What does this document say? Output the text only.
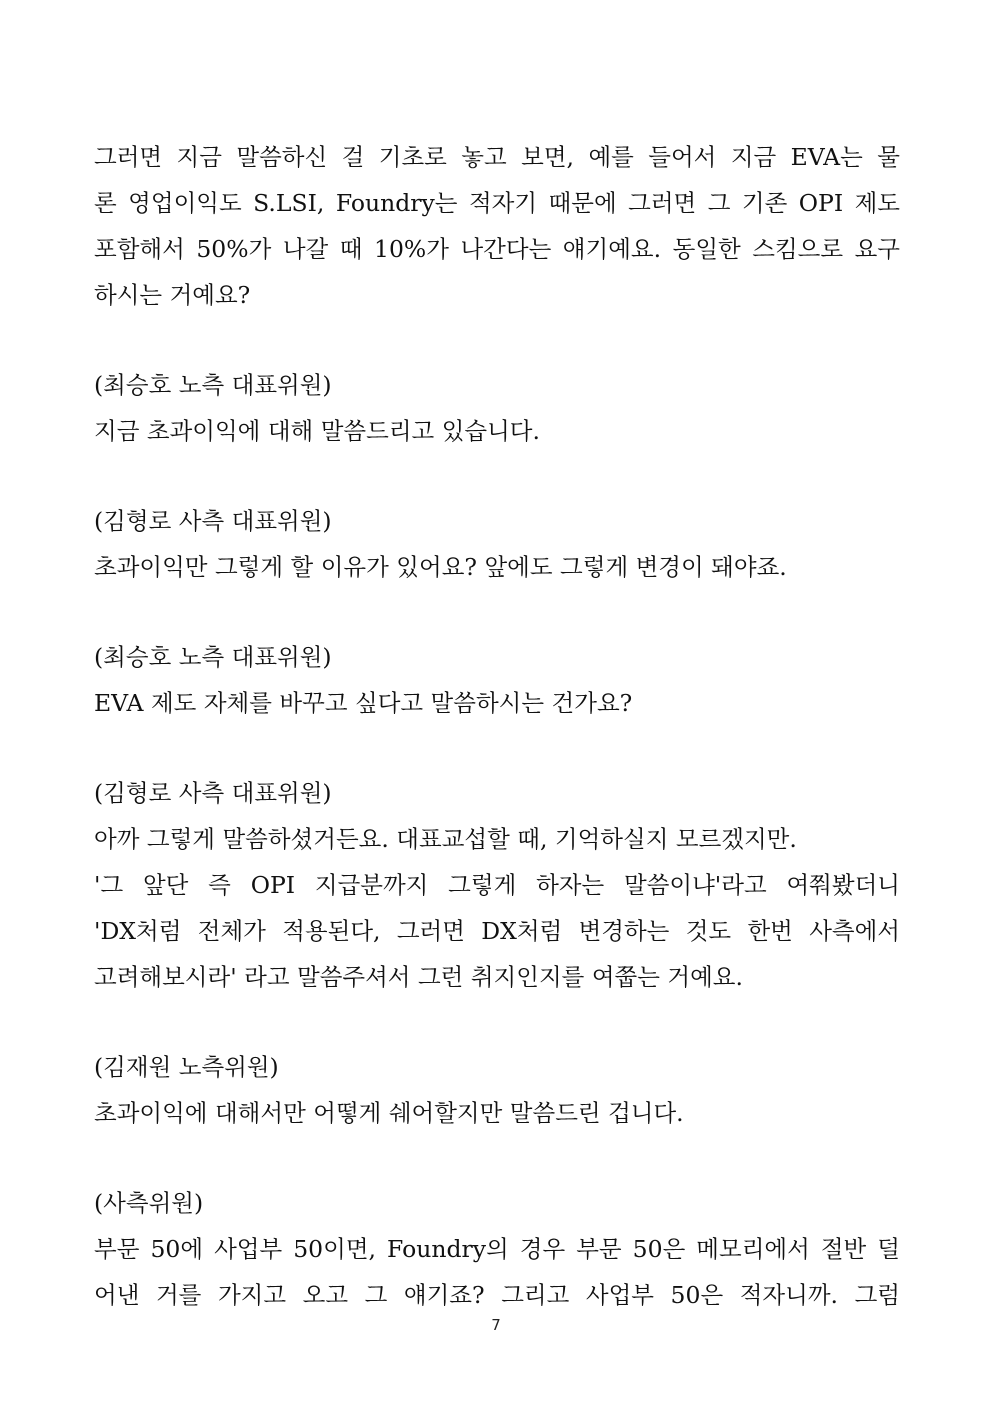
그러면 지금 말씀하신 걸 기초로 놓고 보면, 예를 들어서 지금 EVA는 물
론 영업이익도 S.LSI, Foundry는 적자기 때문에 그러면 그 기존 OPI 제도
포함해서 50%가 나갈 때 10%가 나간다는 얘기예요. 동일한 스킴으로 요구
하시는 거예요?
(최승호 노측 대표위원)
지금 초과이익에 대해 말씀드리고 있습니다.
(김형로 사측 대표위원)
초과이익만 그렇게 할 이유가 있어요? 앞에도 그렇게 변경이 돼야죠.
(최승호 노측 대표위원)
EVA 제도 자체를 바꾸고 싶다고 말씀하시는 건가요?
(김형로 사측 대표위원)
아까 그렇게 말씀하셨거든요. 대표교섭할 때, 기억하실지 모르겠지만.
'그 앞단 즉 OPI 지급분까지 그렇게 하자는 말씀이냐'라고 여쭤봤더니
'DX처럼 전체가 적용된다, 그러면 DX처럼 변경하는 것도 한번 사측에서
고려해보시라' 라고 말씀주셔서 그런 취지인지를 여쭙는 거예요.
(김재원 노측위원)
초과이익에 대해서만 어떻게 쉐어할지만 말씀드린 겁니다.
(사측위원)
부문 50에 사업부 50이면, Foundry의 경우 부문 50은 메모리에서 절반 덜
어낸 거를 가지고 오고 그 얘기죠? 그리고 사업부 50은 적자니까. 그럼
7
